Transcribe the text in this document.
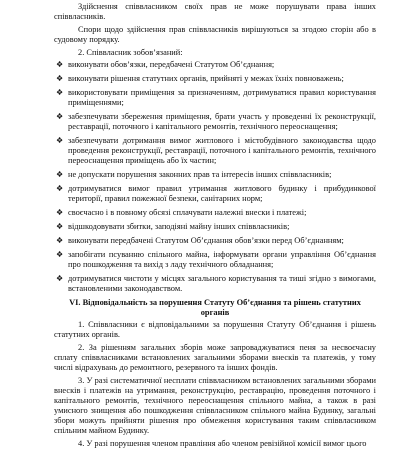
Здійснення співвласником своїх прав не може порушувати права інших співвласників.

Спори щодо здійснення прав співвласників вирішуються за згодою сторін або в судовому порядку.

2. Співвласник зобов’язаний:

❖ виконувати обов’язки, передбачені Статутом Об’єднання;
❖ виконувати рішення статутних органів, прийняті у межах їхніх повноважень;
❖ використовувати приміщення за призначенням, дотримуватися правил користування приміщеннями;
❖ забезпечувати збереження приміщення, брати участь у проведенні їх реконструкції, реставрації, поточного і капітального ремонтів, технічного переоснащення;
❖ забезпечувати дотримання вимог житлового і містобудівного законодавства щодо проведення реконструкції, реставрації, поточного і капітального ремонтів, технічного переоснащення приміщень або їх частин;
❖ не допускати порушення законних прав та інтересів інших співвласників;
❖ дотримуватися вимог правил утримання житлового будинку і прибудинкової території, правил пожежної безпеки, санітарних норм;
❖ своєчасно і в повному обсязі сплачувати належні внески і платежі;
❖ відшкодовувати збитки, заподіяні майну інших співвласників;
❖ виконувати передбачені Статутом Об’єднання обов’язки перед Об’єднанням;
❖ запобігати псуванню спільного майна, інформувати органи управління Об’єднання про пошкодження та вихід з ладу технічного обладнання;
❖ дотримуватися чистоти у місцях загального користування та тиші згідно з вимогами, встановленими законодавством.

VI. Відповідальність за порушення Статуту Об’єднання та рішень статутних органів

1. Співвласники є відповідальними за порушення Статуту Об’єднання і рішень статутних органів.

2. За рішенням загальних зборів може запроваджуватися пеня за несвоєчасну сплату співвласниками встановлених загальними зборами внесків та платежів, у тому числі відрахувань до ремонтного, резервного та інших фондів.

3. У разі систематичної несплати співвласником встановлених загальними зборами внесків і платежів на утримання, реконструкцію, реставрацію, проведення поточного і капітального ремонтів, технічного переоснащення спільного майна, а також в разі умисного знищення або пошкодження співвласником спільного майна Будинку, загальні збори можуть прийняти рішення про обмеження користування таким співвласником спільним майном Будинку.

4. У разі порушення членом правління або членом ревізійної комісії вимог цього
